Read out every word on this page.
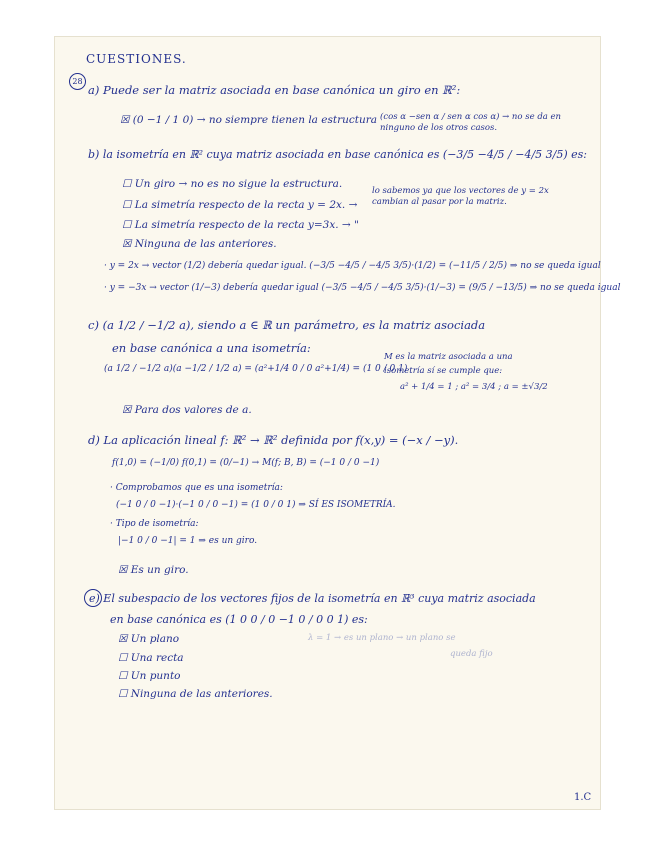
CUESTIONES.
28
a) Puede ser la matriz asociada en base canónica un giro en ℝ²:
☒ (0 −1 / 1 0) → no siempre tienen la estructura (cos α −sen α / sen α cos α) → no se da en ninguno de los otros casos.
b) la isometría en ℝ² cuya matriz asociada en base canónica es (−3/5 −4/5 / −4/5 3/5) es:
☐ Un giro → no es no sigue la estructura.
☐ La simetría respecto de la recta y = 2x. →
lo sabemos ya que los vectores de y = 2x cambian al pasar por la matriz.
☐ La simetría respecto de la recta y=3x. → "
☒ Ninguna de las anteriores.
· y = 2x → vector (1/2) debería quedar igual. (−3/5 −4/5 / −4/5 3/5)·(1/2) = (−11/5 / 2/5) ⇒ no se queda igual
· y = −3x → vector (1/−3) debería quedar igual (−3/5 −4/5 / −4/5 3/5)·(1/−3) = (9/5 / −13/5) ⇒ no se queda igual
c) (a 1/2 / −1/2 a), siendo a ∈ ℝ un parámetro, es la matriz asociada
en base canónica a una isometría:
(a 1/2 / −1/2 a)(a −1/2 / 1/2 a) = (a²+1/4 0 / 0 a²+1/4) = (1 0 / 0 1)
M es la matriz asociada a una
isometría sí se cumple que:
a² + 1/4 = 1 ; a² = 3/4 ; a = ±√3/2
☒ Para dos valores de a.
d) La aplicación lineal f: ℝ² → ℝ² definida por f(x,y) = (−x / −y).
f(1,0) = (−1/0) f(0,1) = (0/−1) → M(f; B, B) = (−1 0 / 0 −1)
· Comprobamos que es una isometría:
(−1 0 / 0 −1)·(−1 0 / 0 −1) = (1 0 / 0 1) ⇒ SÍ ES ISOMETRÍA.
· Tipo de isometría:
|−1 0 / 0 −1| = 1 ⇒ es un giro.
☒ Es un giro.
e) El subespacio de los vectores fijos de la isometría en ℝ³ cuya matriz asociada
en base canónica es (1 0 0 / 0 −1 0 / 0 0 1) es:
☒ Un plano
☐ Una recta
☐ Un punto
☐ Ninguna de las anteriores.
λ = 1 → es un plano → un plano se
queda fijo
1.C
